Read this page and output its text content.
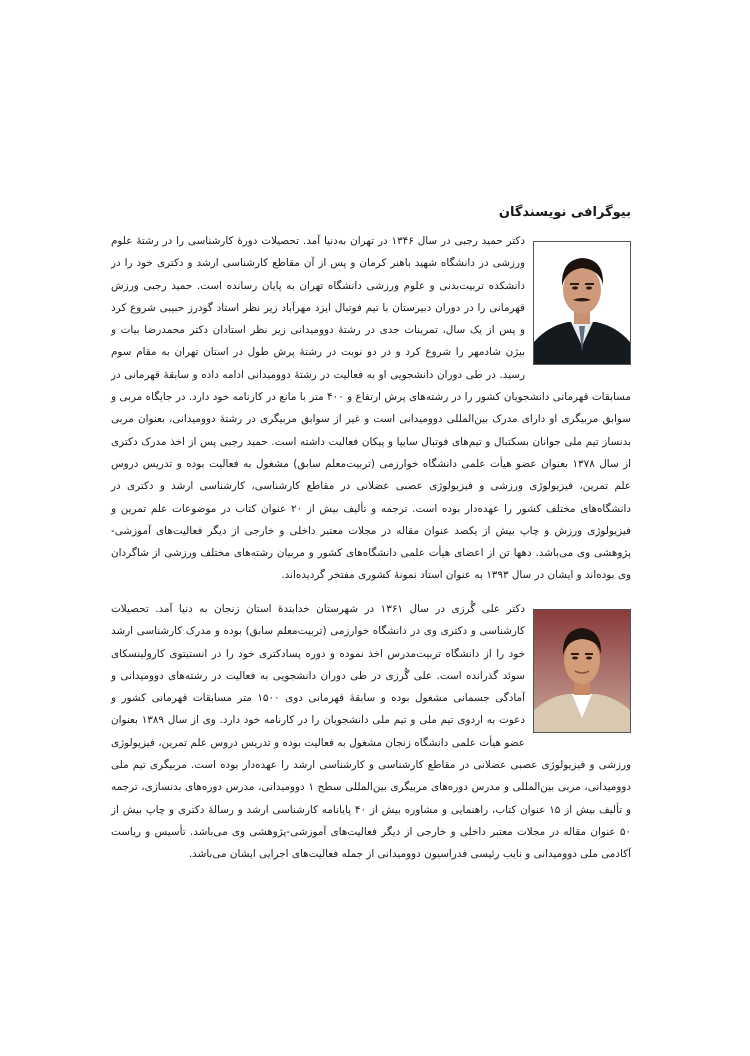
بیوگرافی نویسندگان

دکتر حمید رجبی در سال ۱۳۴۶ در تهران به‌دنیا آمد. تحصیلات دورهٔ کارشناسی را در رشتهٔ علوم ورزشی در دانشگاه شهید باهنر کرمان و پس از آن مقاطع کارشناسی ارشد و دکتری خود را در دانشکده تربیت‌بدنی و علوم ورزشی دانشگاه تهران به پایان رسانده است. حمید رجبی ورزش قهرمانی را در دوران دبیرستان با تیم فوتبال ایزد مهرآباد زیر نظر استاد گودرز حبیبی شروع کرد و پس از یک سال، تمرینات جدی در رشتهٔ دوومیدانی زیر نظر استادان دکتر محمدرضا بیات و بیژن شادمهر را شروع کرد و در دو نوبت در رشتهٔ پرش طول در استان تهران به مقام سوم رسید. در طی دوران دانشجویی او به فعالیت در رشتهٔ دوومیدانی ادامه داده و سابقهٔ قهرمانی در مسابقات قهرمانی دانشجویان کشور را در رشته‌های پرش ارتفاع و ۴۰۰ متر با مانع در کارنامه خود دارد. در جایگاه مربی و سوابق مربیگری او دارای مدرک بین‌المللی دوومیدانی است و غیر از سوابق مربیگری در رشتهٔ دوومیدانی، بعنوان مربی بدنساز تیم ملی جوانان بسکتبال و تیم‌های فوتبال سایپا و پیکان فعالیت داشته است. حمید رجبی پس از اخذ مدرک دکتری از سال ۱۳۷۸ بعنوان عضو هیأت علمی دانشگاه خوارزمی (تربیت‌معلم سابق) مشغول به فعالیت بوده و تدریس دروس علم تمرین، فیزیولوژی ورزشی و فیزیولوژی عصبی عضلانی در مقاطع کارشناسی، کارشناسی ارشد و دکتری در دانشگاه‌های مختلف کشور را عهده‌دار بوده است. ترجمه و تألیف بیش از ۲۰ عنوان کتاب در موضوعات علم تمرین و فیزیولوژی ورزش و چاپ بیش از یکصد عنوان مقاله در مجلات معتبر داخلی و خارجی از دیگر فعالیت‌های آموزشی-پژوهشی وی می‌باشد. دهها تن از اعضای هیأت علمی دانشگاه‌های کشور و مربیان رشته‌های مختلف ورزشی از شاگردان وی بوده‌اند و ایشان در سال ۱۳۹۳ به عنوان استاد نمونهٔ کشوری مفتخر گردیده‌اند.

دکتر علی گُرزی در سال ۱۳۶۱ در شهرستان خدابندهٔ استان زنجان به دنیا آمد. تحصیلات کارشناسی و دکتری وی در دانشگاه خوارزمی (تربیت‌معلم سابق) بوده و مدرک کارشناسی ارشد خود را از دانشگاه تربیت‌مدرس اخذ نموده و دوره پسادکتری خود را در انستیتوی کارولینسکای سوئد گذرانده است. علی گُرزی در طی دوران دانشجویی به فعالیت در رشته‌های دوومیدانی و آمادگی جسمانی مشغول بوده و سابقهٔ قهرمانی دوی ۱۵۰۰ متر مسابقات قهرمانی کشور و دعوت به اردوی تیم ملی و تیم ملی دانشجویان را در کارنامه خود دارد. وی از سال ۱۳۸۹ بعنوان عضو هیأت علمی دانشگاه زنجان مشغول به فعالیت بوده و تدریس دروس علم تمرین، فیزیولوژی ورزشی و فیزیولوژی عصبی عضلانی در مقاطع کارشناسی و کارشناسی ارشد را عهده‌دار بوده است. مربیگری تیم ملی دوومیدانی، مربی بین‌المللی و مدرس دوره‌های مربیگری بین‌المللی سطح ۱ دوومیدانی، مدرس دوره‌های بدنسازی، ترجمه و تألیف بیش از ۱۵ عنوان کتاب، راهنمایی و مشاوره بیش از ۴۰ پایانامه کارشناسی ارشد و رسالهٔ دکتری و چاپ بیش از ۵۰ عنوان مقاله در مجلات معتبر داخلی و خارجی از دیگر فعالیت‌های آموزشی-پژوهشی وی می‌باشد. تأسیس و ریاست آکادمی ملی دوومیدانی و نایب رئیسی فدراسیون دوومیدانی از جمله فعالیت‌های اجرایی ایشان می‌باشد.
